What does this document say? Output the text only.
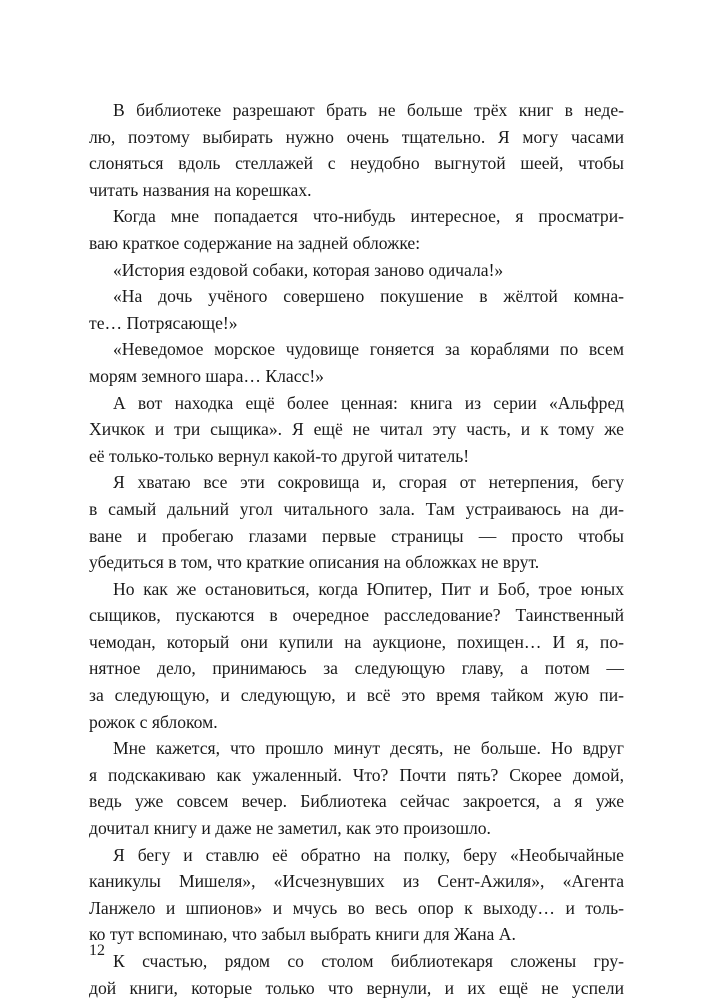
В библиотеке разрешают брать не больше трёх книг в неде-
лю, поэтому выбирать нужно очень тщательно. Я могу часами
слоняться вдоль стеллажей с неудобно выгнутой шеей, чтобы
читать названия на корешках.
Когда мне попадается что-нибудь интересное, я просматри-
ваю краткое содержание на задней обложке:
«История ездовой собаки, которая заново одичала!»
«На дочь учёного совершено покушение в жёлтой комна-
те… Потрясающе!»
«Неведомое морское чудовище гоняется за кораблями по всем
морям земного шара… Класс!»
А вот находка ещё более ценная: книга из серии «Альфред
Хичкок и три сыщика». Я ещё не читал эту часть, и к тому же
её только-только вернул какой-то другой читатель!
Я хватаю все эти сокровища и, сгорая от нетерпения, бегу
в самый дальний угол читального зала. Там устраиваюсь на ди-
ване и пробегаю глазами первые страницы — просто чтобы
убедиться в том, что краткие описания на обложках не врут.
Но как же остановиться, когда Юпитер, Пит и Боб, трое юных
сыщиков, пускаются в очередное расследование? Таинственный
чемодан, который они купили на аукционе, похищен… И я, по-
нятное дело, принимаюсь за следующую главу, а потом —
за следующую, и следующую, и всё это время тайком жую пи-
рожок с яблоком.
Мне кажется, что прошло минут десять, не больше. Но вдруг
я подскакиваю как ужаленный. Что? Почти пять? Скорее домой,
ведь уже совсем вечер. Библиотека сейчас закроется, а я уже
дочитал книгу и даже не заметил, как это произошло.
Я бегу и ставлю её обратно на полку, беру «Необычайные
каникулы Мишеля», «Исчезнувших из Сент-Ажиля», «Агента
Ланжело и шпионов» и мчусь во весь опор к выходу… и толь-
ко тут вспоминаю, что забыл выбрать книги для Жана А.
К счастью, рядом со столом библиотекаря сложены гру-
дой книги, которые только что вернули, и их ещё не успели
12
